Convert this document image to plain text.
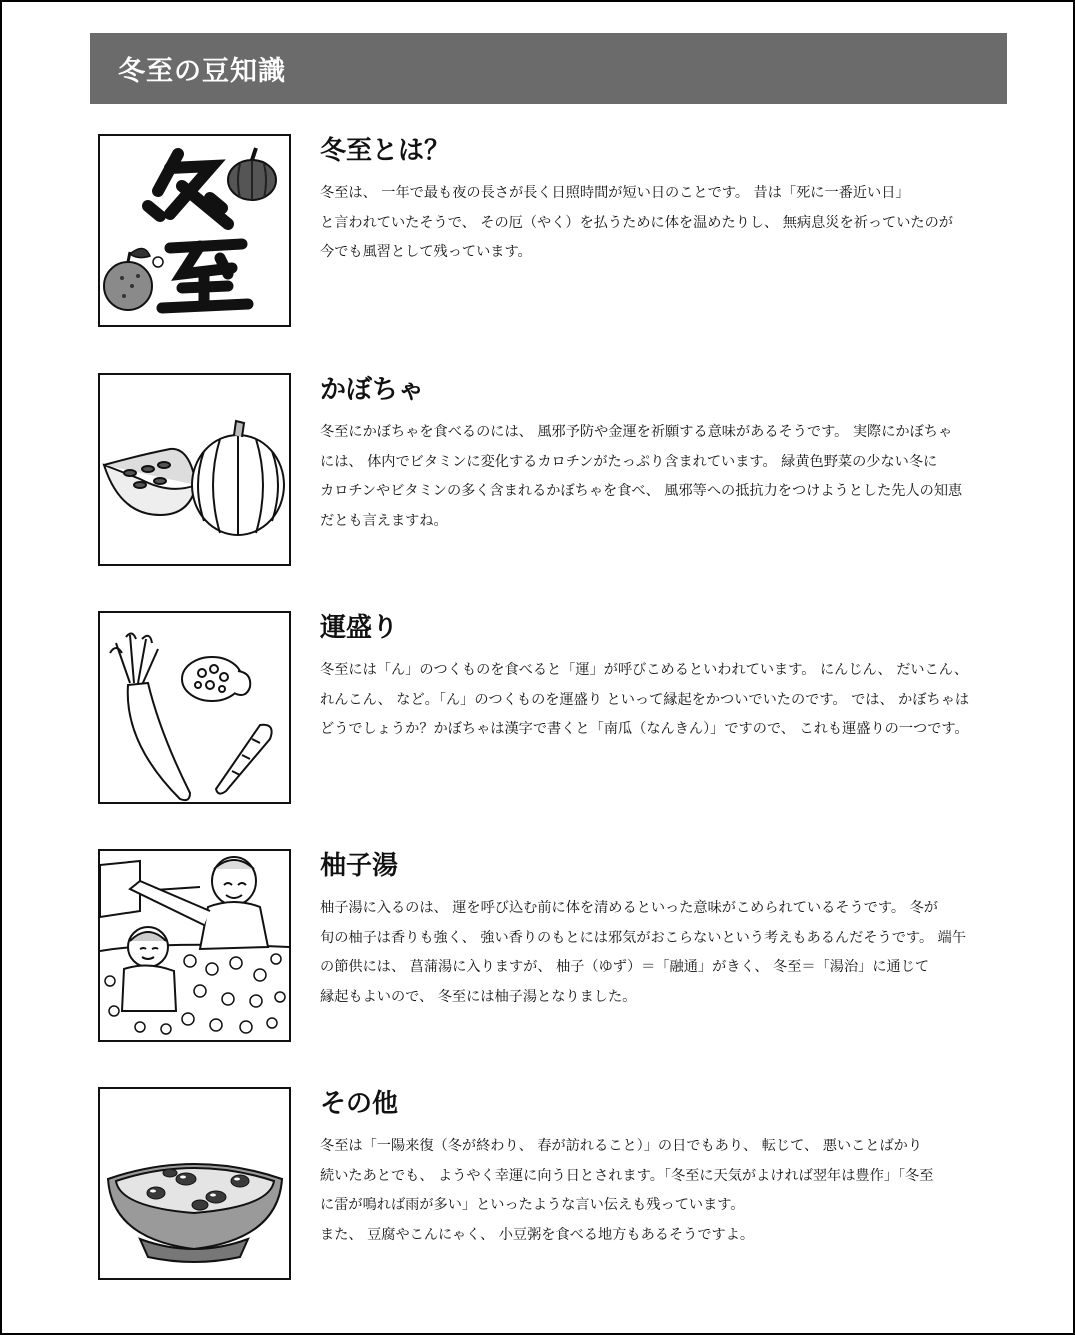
冬至の豆知識
冬至とは？
冬至は、 一年で最も夜の長さが長く日照時間が短い日のことです。 昔は「死に一番近い日」
と言われていたそうで、 その厄（やく）を払うために体を温めたりし、 無病息災を祈っていたのが
今でも風習として残っています。
かぼちゃ
冬至にかぼちゃを食べるのには、 風邪予防や金運を祈願する意味があるそうです。 実際にかぼちゃ
には、 体内でビタミンに変化するカロチンがたっぷり含まれています。 緑黄色野菜の少ない冬に
カロチンやビタミンの多く含まれるかぼちゃを食べ、 風邪等への抵抗力をつけようとした先人の知恵
だとも言えますね。
運盛り
冬至には「ん」のつくものを食べると「運」が呼びこめるといわれています。 にんじん、 だいこん、
れんこん、 など。「ん」のつくものを運盛り といって縁起をかついでいたのです。 では、 かぼちゃは
どうでしょうか？かぼちゃは漢字で書くと「南瓜（なんきん）」ですので、 これも運盛りの一つです。
柚子湯
柚子湯に入るのは、 運を呼び込む前に体を清めるといった意味がこめられているそうです。 冬が
旬の柚子は香りも強く、 強い香りのもとには邪気がおこらないという考えもあるんだそうです。 端午
の節供には、 菖蒲湯に入りますが、 柚子（ゆず）＝「融通」がきく、 冬至＝「湯治」に通じて
縁起もよいので、 冬至には柚子湯となりました。
その他
冬至は「一陽来復（冬が終わり、 春が訪れること）」の日でもあり、 転じて、 悪いことばかり
続いたあとでも、 ようやく幸運に向う日とされます。「冬至に天気がよければ翌年は豊作」「冬至
に雷が鳴れば雨が多い」といったような言い伝えも残っています。
また、 豆腐やこんにゃく、 小豆粥を食べる地方もあるそうですよ。
